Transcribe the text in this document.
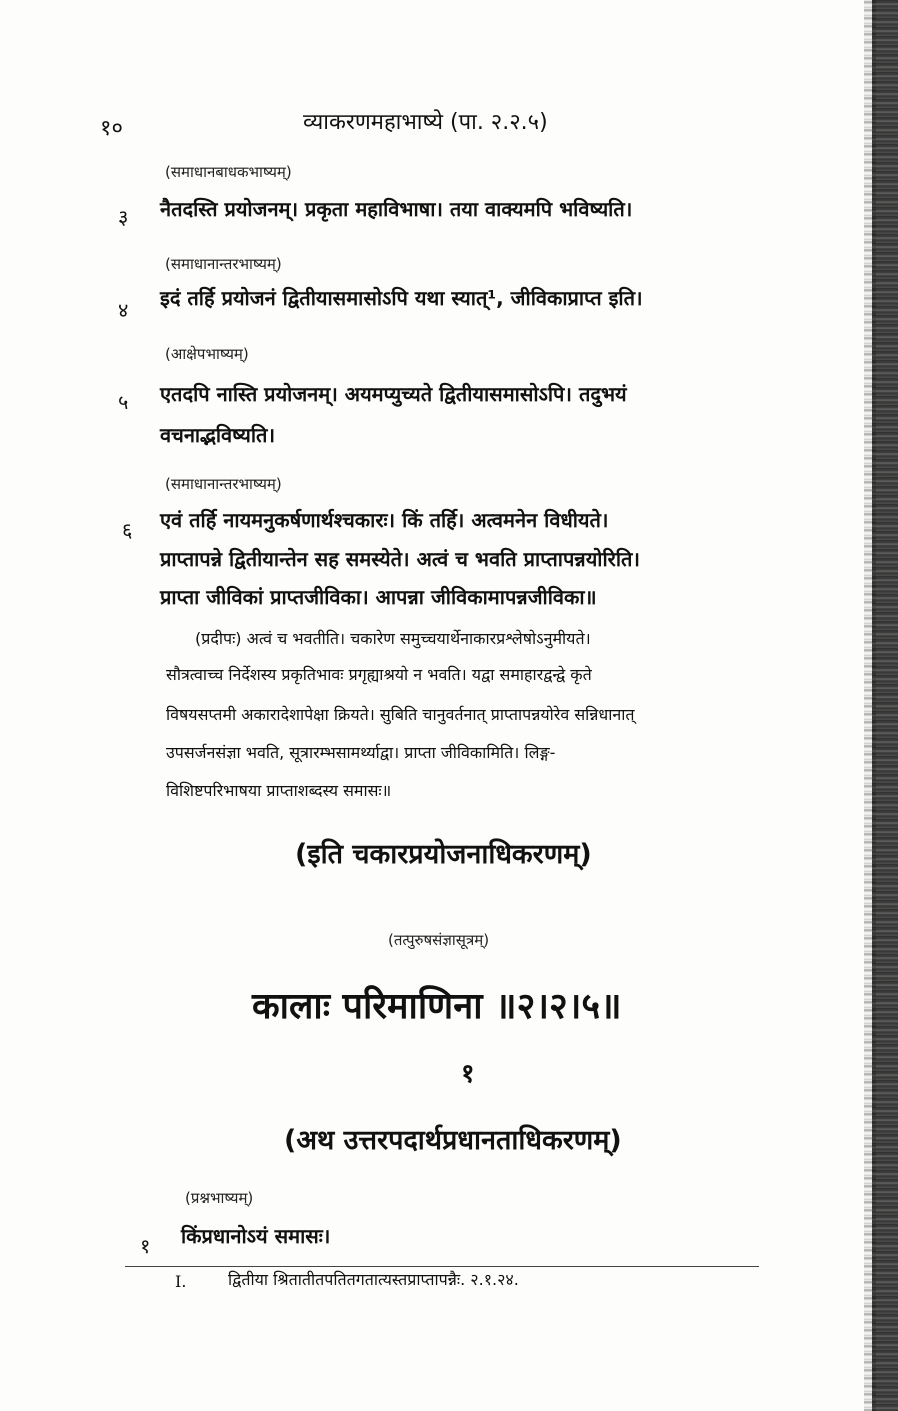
१०	व्याकरणमहाभाष्ये (पा. २.२.५)
(समाधानबाधकभाष्यम्)
३ नैतदस्ति प्रयोजनम्। प्रकृता महाविभाषा। तया वाक्यमपि भविष्यति।
(समाधानान्तरभाष्यम्)
४ इदं तर्हि प्रयोजनं द्वितीयासमासोऽपि यथा स्यात्¹, जीविकाप्राप्त इति।
(आक्षेपभाष्यम्)
५ एतदपि नास्ति प्रयोजनम्। अयमप्युच्यते द्वितीयासमासोऽपि। तदुभयं
वचनाद्भविष्यति।
(समाधानान्तरभाष्यम्)
६ एवं तर्हि नायमनुकर्षणार्थश्चकारः। किं तर्हि। अत्वमनेन विधीयते।
प्राप्तापन्ने द्वितीयान्तेन सह समस्येते। अत्वं च भवति प्राप्तापन्नयोरिति।
प्राप्ता जीविकां प्राप्तजीविका। आपन्ना जीविकामापन्नजीविका॥
(प्रदीपः) अत्वं च भवतीति। चकारेण समुच्चयार्थेनाकारप्रश्लेषोऽनुमीयते।
सौत्रत्वाच्च निर्देशस्य प्रकृतिभावः प्रगृह्याश्रयो न भवति। यद्वा समाहारद्वन्द्वे कृते
विषयसप्तमी अकारादेशापेक्षा क्रियते। सुबिति चानुवर्तनात् प्राप्तापन्नयोरेव सन्निधानात्
उपसर्जनसंज्ञा भवति, सूत्रारम्भसामर्थ्याद्वा। प्राप्ता जीविकामिति। लिङ्ग-
विशिष्टपरिभाषया प्राप्ताशब्दस्य समासः॥
(इति चकारप्रयोजनाधिकरणम्)
(तत्पुरुषसंज्ञासूत्रम्)
कालाः परिमाणिना ॥२।२।५॥
१
(अथ उत्तरपदार्थप्रधानताधिकरणम्)
(प्रश्नभाष्यम्)
१ किंप्रधानोऽयं समासः।
I.	द्वितीया श्रितातीतपतितगतात्यस्तप्राप्तापन्नैः. २.१.२४.
